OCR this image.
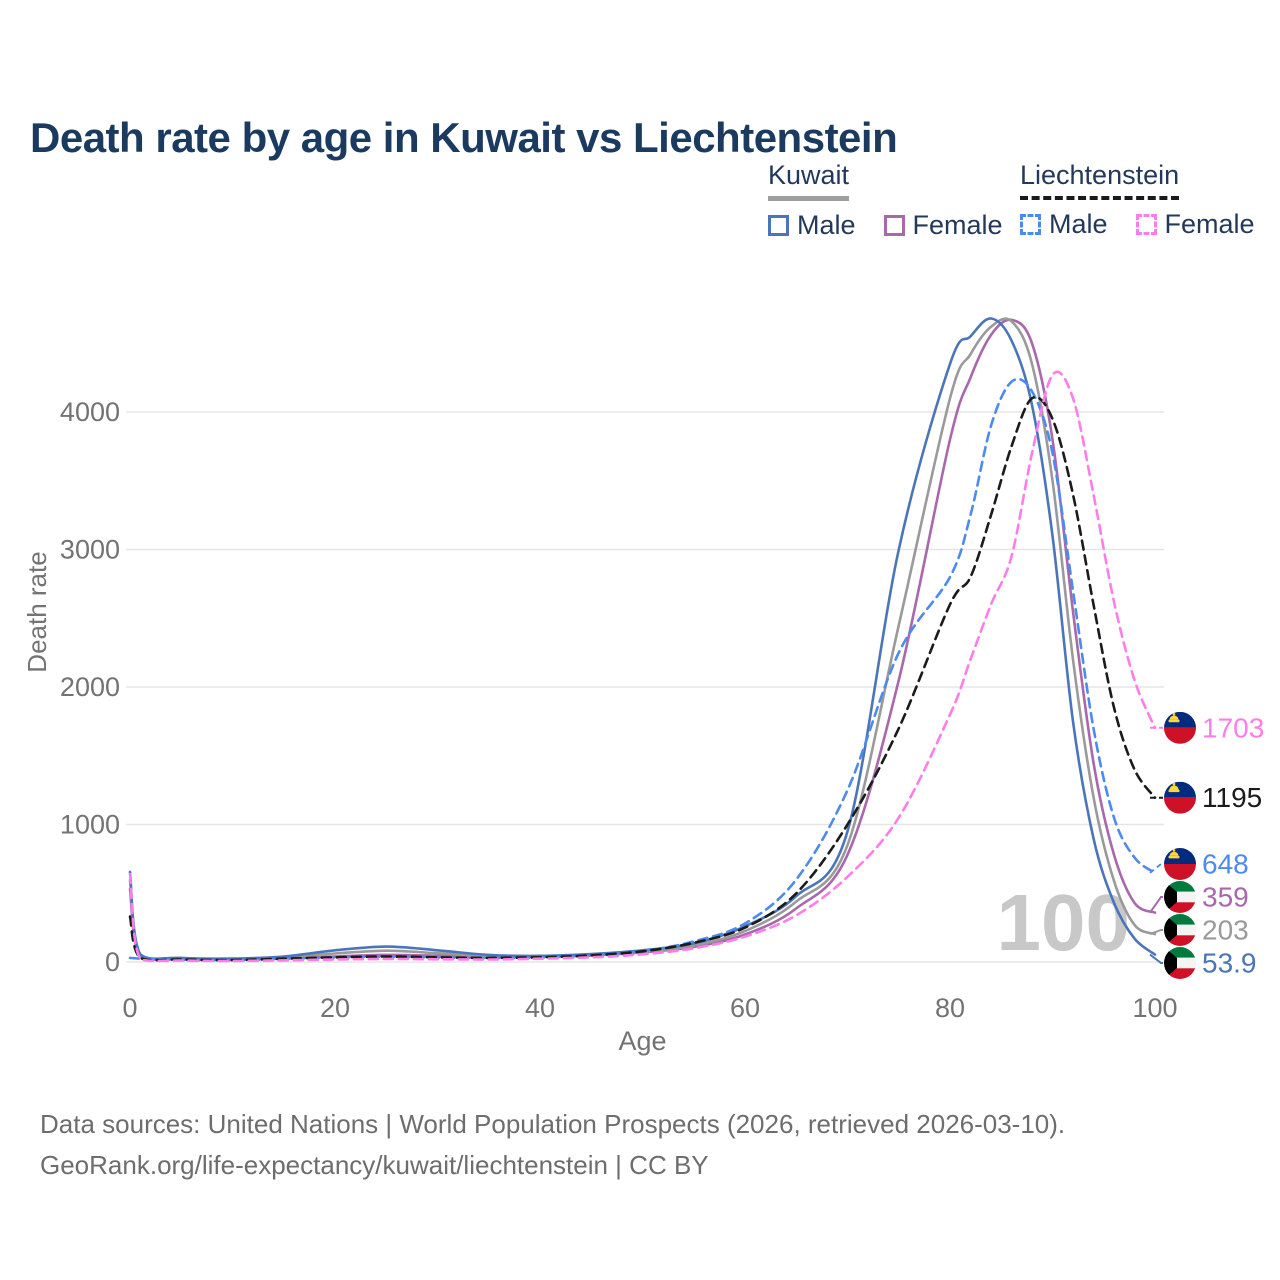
0
1000
2000
3000
4000
0	20	40	60	80	100
Age
Death rate
100
1703
1195
648
359
203
53.9
Death rate by age in Kuwait vs Liechtenstein
Kuwait
Male Female
Liechtenstein
Male Female
Data sources: United Nations | World Population Prospects (2026, retrieved 2026-03-10).
GeoRank.org/life-expectancy/kuwait/liechtenstein | CC BY
